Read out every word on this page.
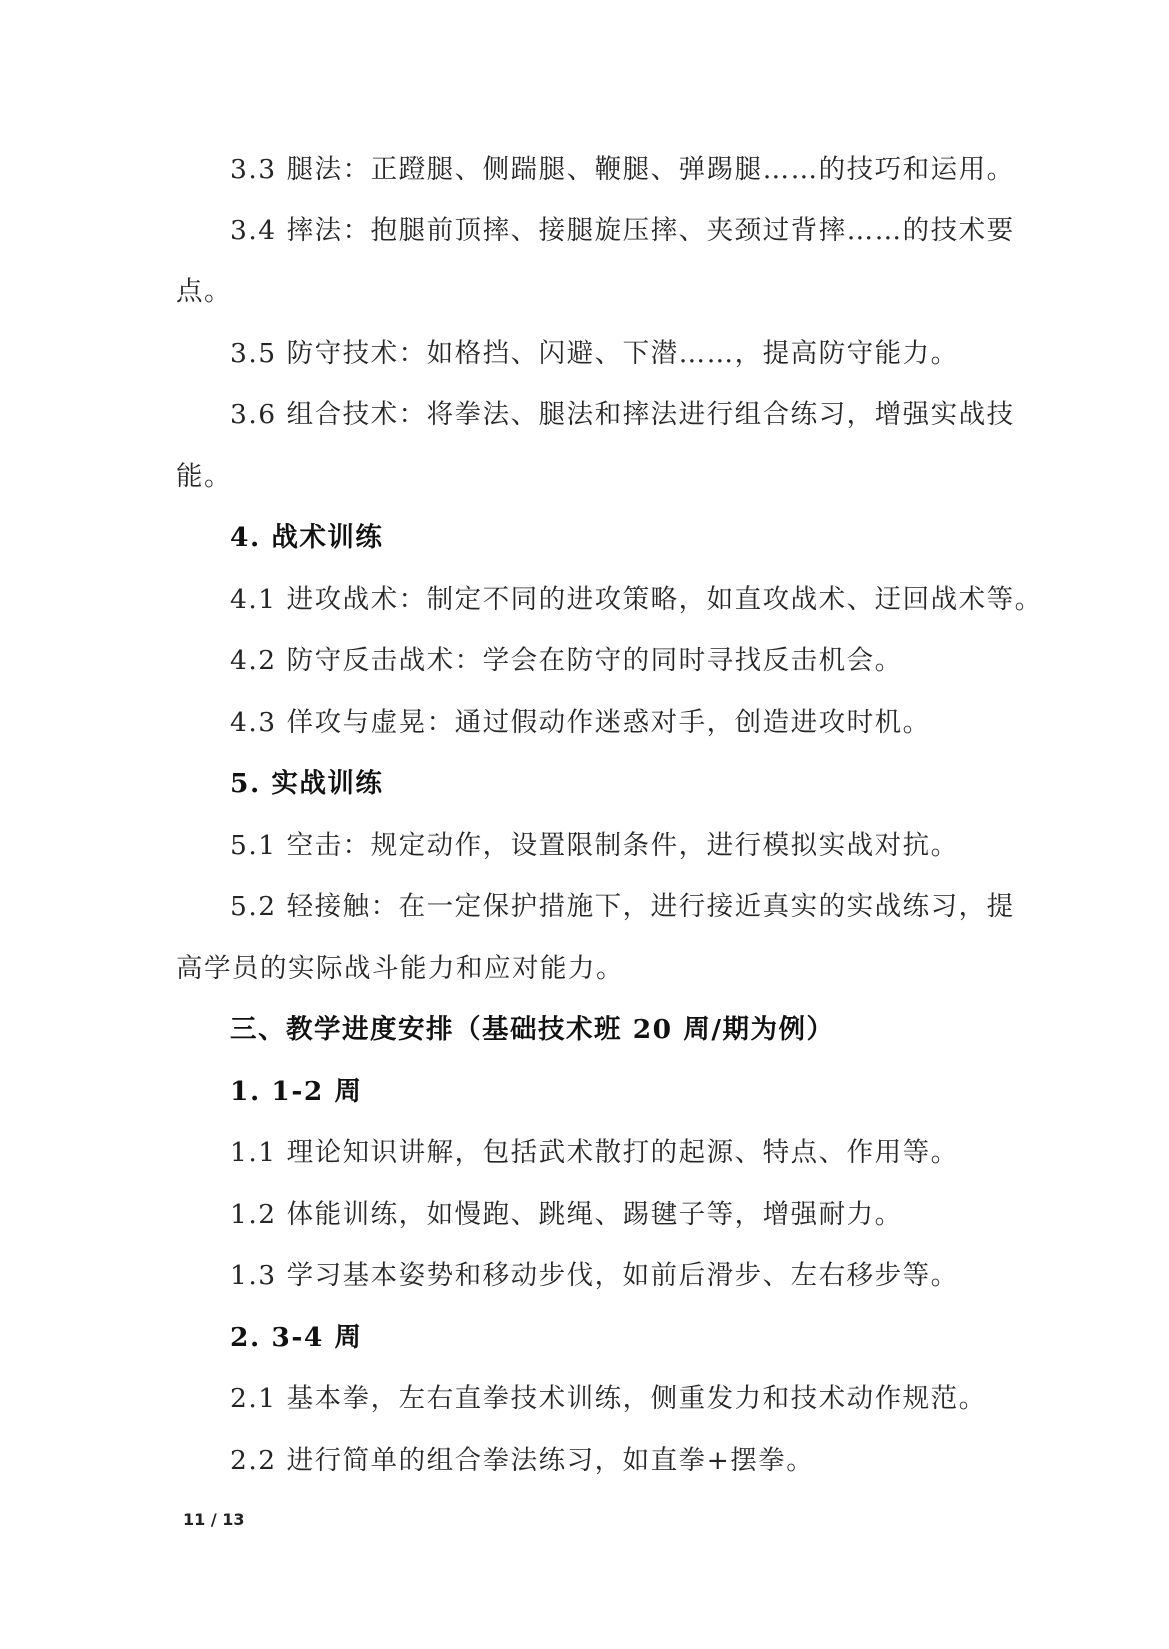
3.3 腿法：正蹬腿、侧踹腿、鞭腿、弹踢腿……的技巧和运用。

3.4 摔法：抱腿前顶摔、接腿旋压摔、夹颈过背摔……的技术要

点。

3.5 防守技术：如格挡、闪避、下潜……，提高防守能力。

3.6 组合技术：将拳法、腿法和摔法进行组合练习，增强实战技

能。

4. 战术训练

4.1 进攻战术：制定不同的进攻策略，如直攻战术、迂回战术等。

4.2 防守反击战术：学会在防守的同时寻找反击机会。

4.3 佯攻与虚晃：通过假动作迷惑对手，创造进攻时机。

5. 实战训练

5.1 空击：规定动作，设置限制条件，进行模拟实战对抗。

5.2 轻接触：在一定保护措施下，进行接近真实的实战练习，提

高学员的实际战斗能力和应对能力。

三、教学进度安排（基础技术班 20 周/期为例）

1. 1-2 周

1.1 理论知识讲解，包括武术散打的起源、特点、作用等。

1.2 体能训练，如慢跑、跳绳、踢毽子等，增强耐力。

1.3 学习基本姿势和移动步伐，如前后滑步、左右移步等。

2. 3-4 周

2.1 基本拳，左右直拳技术训练，侧重发力和技术动作规范。

2.2 进行简单的组合拳法练习，如直拳+摆拳。

11 / 13
